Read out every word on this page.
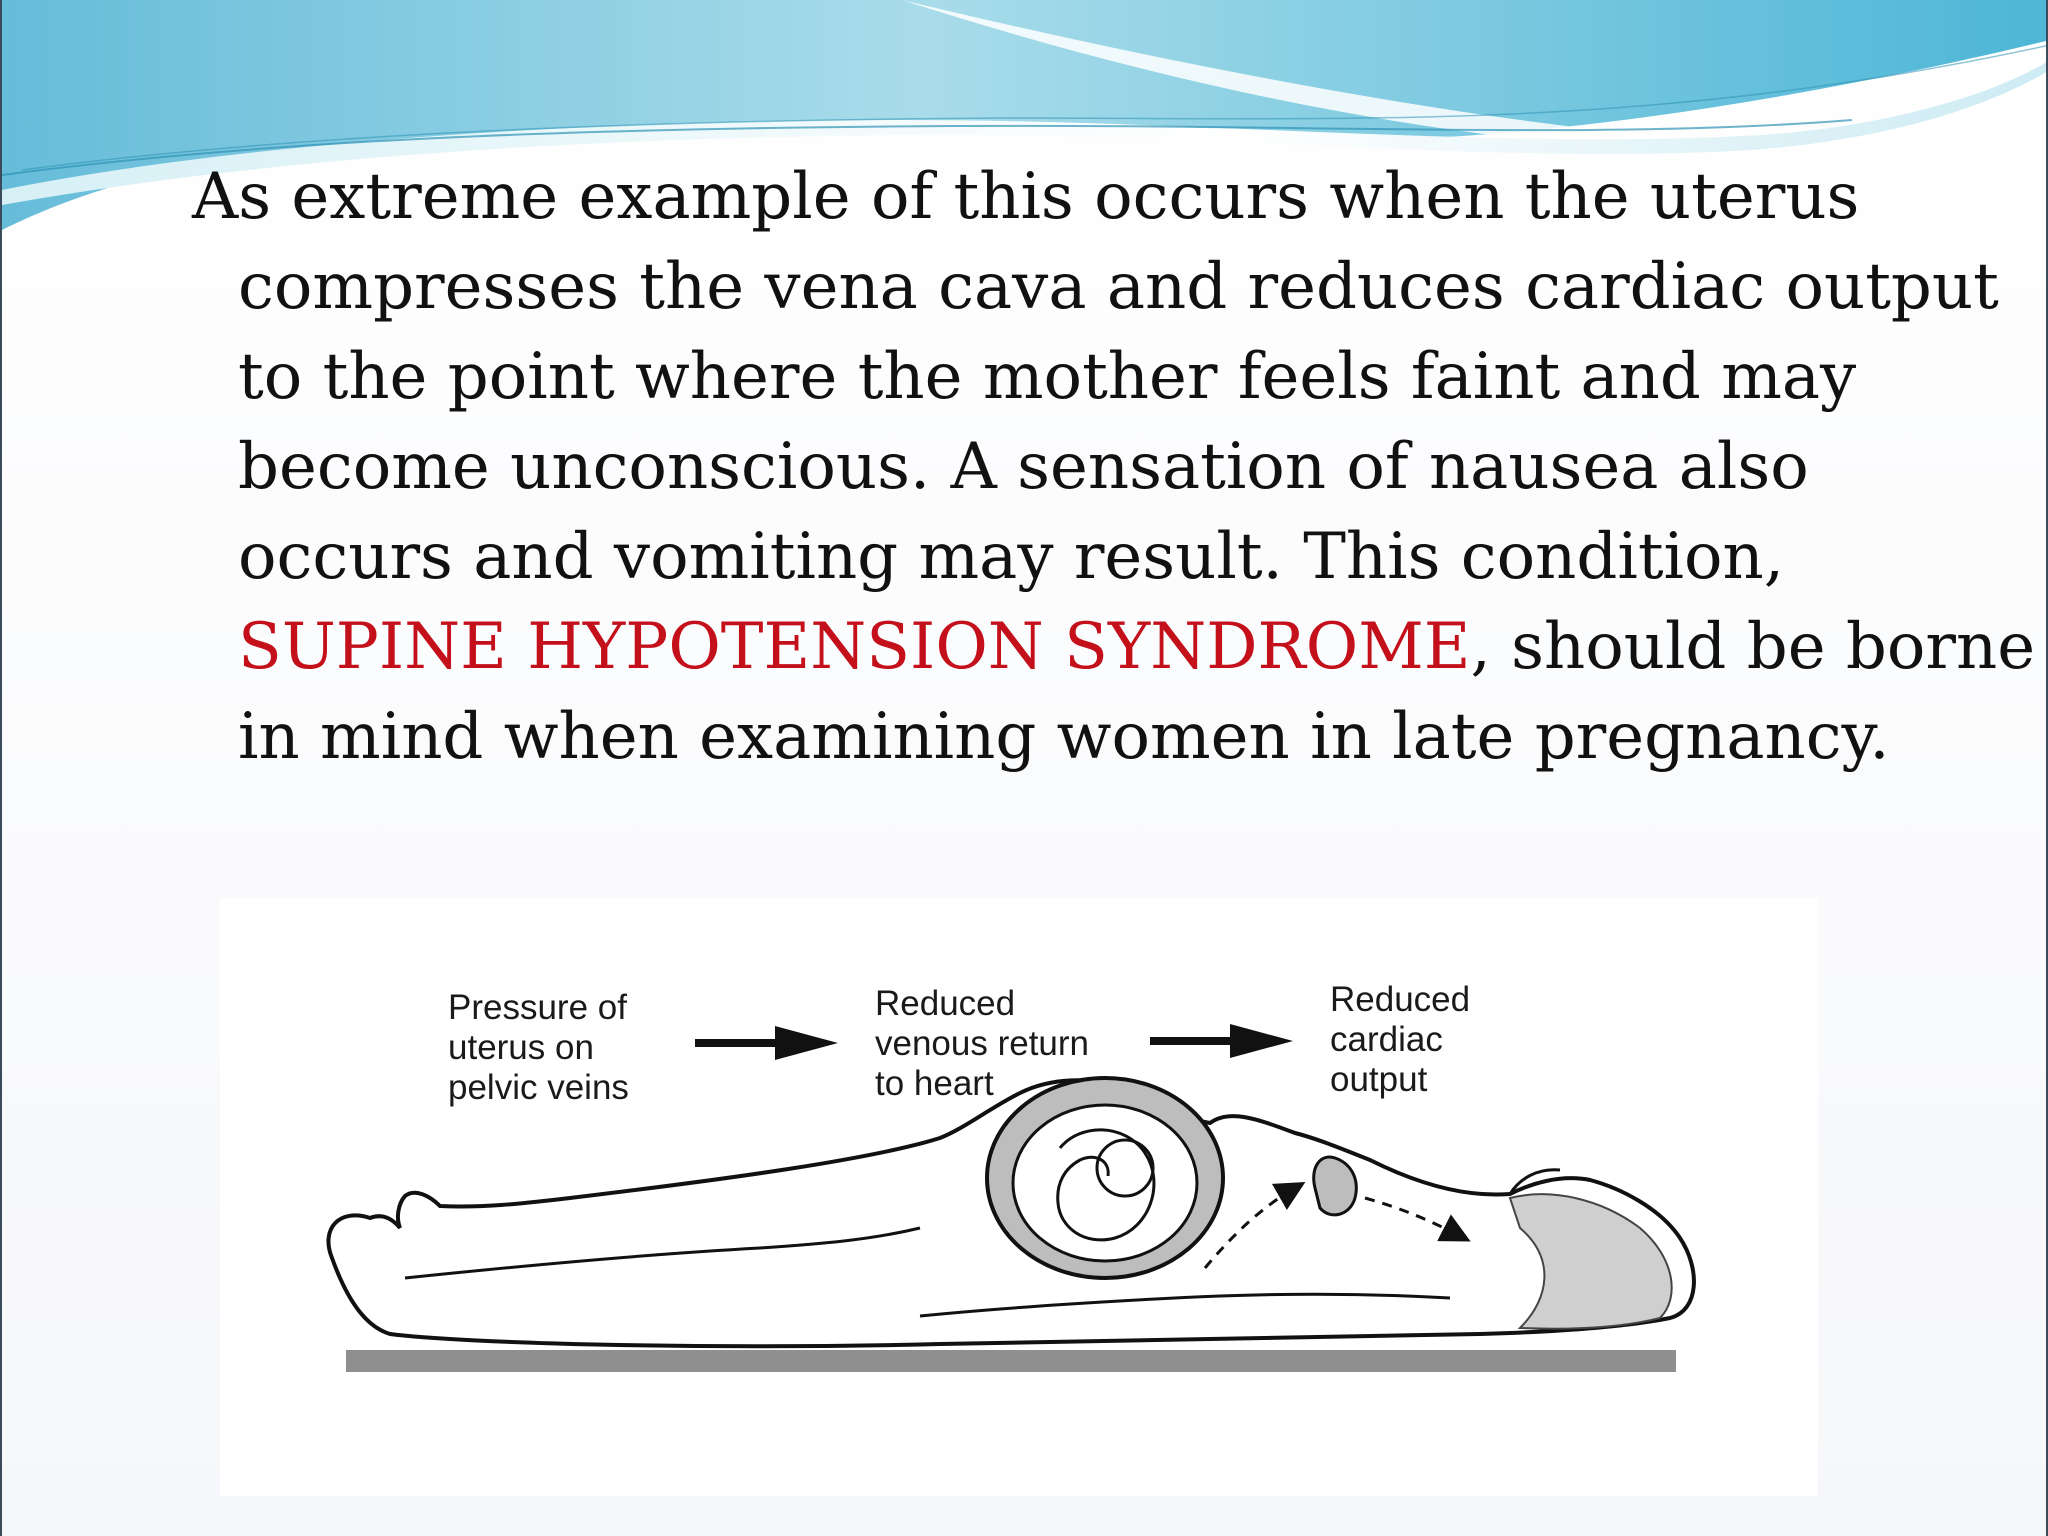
As extreme example of this occurs when the uterus compresses the vena cava and reduces cardiac output to the point where the mother feels faint and may become unconscious. A sensation of nausea also occurs and vomiting may result. This condition, SUPINE HYPOTENSION SYNDROME, should be borne in mind when examining women in late pregnancy.

Pressure of
uterus on
pelvic veins

Reduced
venous return
to heart

Reduced
cardiac
output
